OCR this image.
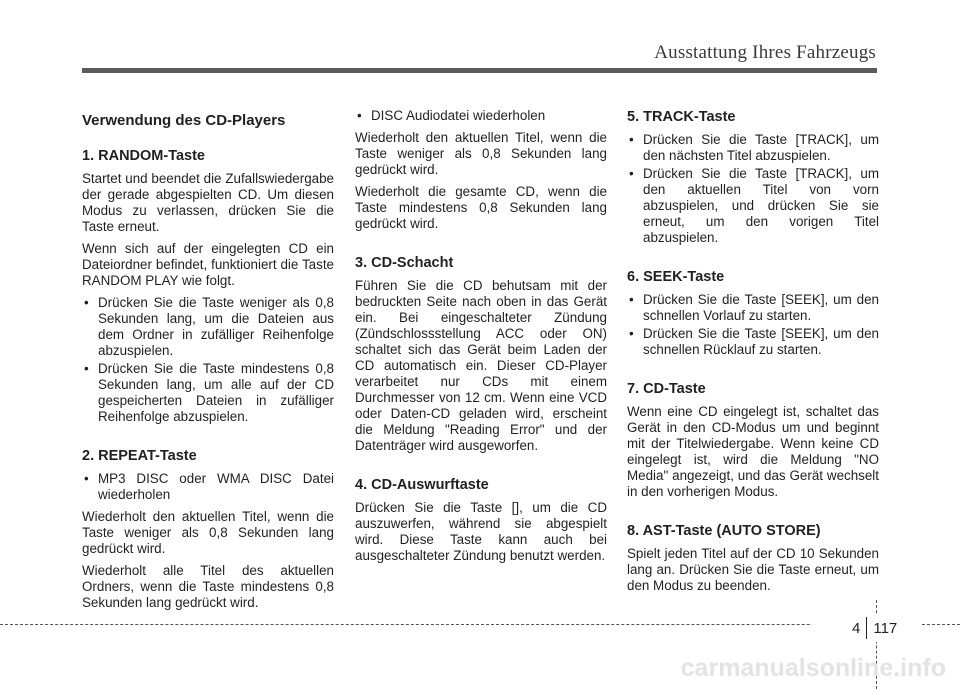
Ausstattung Ihres Fahrzeugs
Verwendung des CD-Players
1. RANDOM-Taste

Startet und beendet die Zufallswiedergabe der gerade abgespielten CD. Um diesen Modus zu verlassen, drücken Sie die Taste erneut.

Wenn sich auf der eingelegten CD ein Dateiordner befindet, funktioniert die Taste RANDOM PLAY wie folgt.

• Drücken Sie die Taste weniger als 0,8 Sekunden lang, um die Dateien aus dem Ordner in zufälliger Reihenfolge abzuspielen.
• Drücken Sie die Taste mindestens 0,8 Sekunden lang, um alle auf der CD gespeicherten Dateien in zufälliger Reihenfolge abzuspielen.
2. REPEAT-Taste
• MP3 DISC oder WMA DISC Datei wiederholen

Wiederholt den aktuellen Titel, wenn die Taste weniger als 0,8 Sekunden lang gedrückt wird.

Wiederholt alle Titel des aktuellen Ordners, wenn die Taste mindestens 0,8 Sekunden lang gedrückt wird.

• DISC Audiodatei wiederholen

Wiederholt den aktuellen Titel, wenn die Taste weniger als 0,8 Sekunden lang gedrückt wird.

Wiederholt die gesamte CD, wenn die Taste mindestens 0,8 Sekunden lang gedrückt wird.

3. CD-Schacht

Führen Sie die CD behutsam mit der bedruckten Seite nach oben in das Gerät ein. Bei eingeschalteter Zündung (Zündschlossstellung ACC oder ON) schaltet sich das Gerät beim Laden der CD automatisch ein. Dieser CD-Player verarbeitet nur CDs mit einem Durchmesser von 12 cm. Wenn eine VCD oder Daten-CD geladen wird, erscheint die Meldung "Reading Error" und der Datenträger wird ausgeworfen.

4. CD-Auswurftaste

Drücken Sie die Taste [], um die CD auszuwerfen, während sie abgespielt wird. Diese Taste kann auch bei ausgeschalteter Zündung benutzt werden.

5. TRACK-Taste
• Drücken Sie die Taste [TRACK], um den nächsten Titel abzuspielen.
• Drücken Sie die Taste [TRACK], um den aktuellen Titel von vorn abzuspielen, und drücken Sie sie erneut, um den vorigen Titel abzuspielen.
6. SEEK-Taste
• Drücken Sie die Taste [SEEK], um den schnellen Vorlauf zu starten.
• Drücken Sie die Taste [SEEK], um den schnellen Rücklauf zu starten.
7. CD-Taste

Wenn eine CD eingelegt ist, schaltet das Gerät in den CD-Modus um und beginnt mit der Titelwiedergabe. Wenn keine CD eingelegt ist, wird die Meldung "NO Media" angezeigt, und das Gerät wechselt in den vorherigen Modus.

8. AST-Taste (AUTO STORE)

Spielt jeden Titel auf der CD 10 Sekunden lang an. Drücken Sie die Taste erneut, um den Modus zu beenden.

4 117
carmanualsonline.info
